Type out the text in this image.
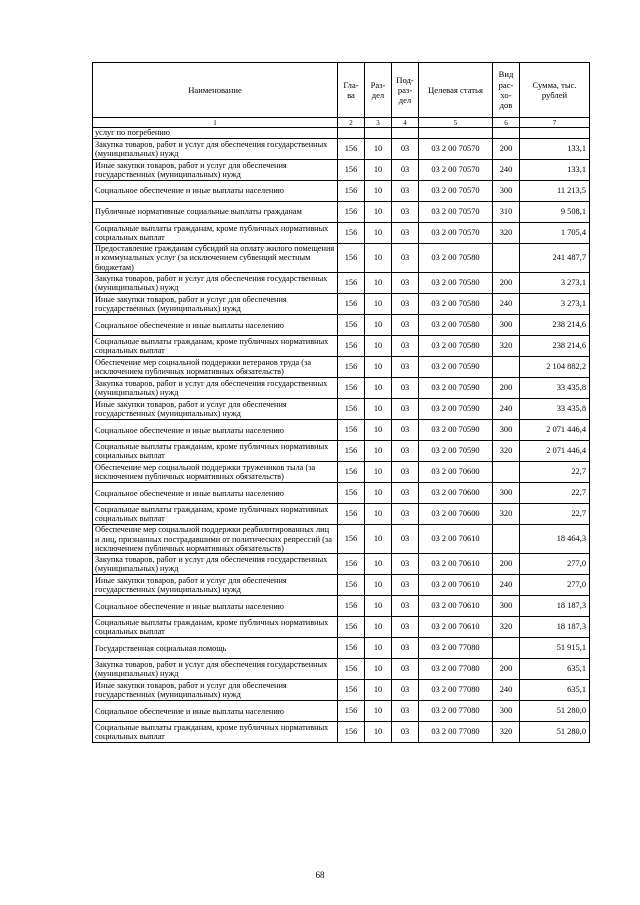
Наименование	Гла-ва	Раз-дел	Под-раз-дел	Целевая статья	Вид рас-хо-дов	Сумма, тыс. рублей
1	2	3	4	5	6	7
услуг по погребению						
Закупка товаров, работ и услуг для обеспечения государственных (муниципальных) нужд	156	10	03	03 2 00 70570	200	133,1
Иные закупки товаров, работ и услуг для обеспечения государственных (муниципальных) нужд	156	10	03	03 2 00 70570	240	133,1
Социальное обеспечение и иные выплаты населению	156	10	03	03 2 00 70570	300	11 213,5
Публичные нормативные социальные выплаты гражданам	156	10	03	03 2 00 70570	310	9 508,1
Социальные выплаты гражданам, кроме публичных нормативных социальных выплат	156	10	03	03 2 00 70570	320	1 705,4
Предоставление гражданам субсидий на оплату жилого помещения и коммунальных услуг (за исключением субвенций местным бюджетам)	156	10	03	03 2 00 70580		241 487,7
Закупка товаров, работ и услуг для обеспечения государственных (муниципальных) нужд	156	10	03	03 2 00 70580	200	3 273,1
Иные закупки товаров, работ и услуг для обеспечения государственных (муниципальных) нужд	156	10	03	03 2 00 70580	240	3 273,1
Социальное обеспечение и иные выплаты населению	156	10	03	03 2 00 70580	300	238 214,6
Социальные выплаты гражданам, кроме публичных нормативных социальных выплат	156	10	03	03 2 00 70580	320	238 214,6
Обеспечение мер социальной поддержки ветеранов труда (за исключением публичных нормативных обязательств)	156	10	03	03 2 00 70590		2 104 882,2
Закупка товаров, работ и услуг для обеспечения государственных (муниципальных) нужд	156	10	03	03 2 00 70590	200	33 435,8
Иные закупки товаров, работ и услуг для обеспечения государственных (муниципальных) нужд	156	10	03	03 2 00 70590	240	33 435,8
Социальное обеспечение и иные выплаты населению	156	10	03	03 2 00 70590	300	2 071 446,4
Социальные выплаты гражданам, кроме публичных нормативных социальных выплат	156	10	03	03 2 00 70590	320	2 071 446,4
Обеспечение мер социальной поддержки тружеников тыла (за исключением публичных нормативных обязательств)	156	10	03	03 2 00 70600		22,7
Социальное обеспечение и иные выплаты населению	156	10	03	03 2 00 70600	300	22,7
Социальные выплаты гражданам, кроме публичных нормативных социальных выплат	156	10	03	03 2 00 70600	320	22,7
Обеспечение мер социальной поддержки реабилитированных лиц и лиц, признанных пострадавшими от политических репрессий (за исключением публичных нормативных обязательств)	156	10	03	03 2 00 70610		18 464,3
Закупка товаров, работ и услуг для обеспечения государственных (муниципальных) нужд	156	10	03	03 2 00 70610	200	277,0
Иные закупки товаров, работ и услуг для обеспечения государственных (муниципальных) нужд	156	10	03	03 2 00 70610	240	277,0
Социальное обеспечение и иные выплаты населению	156	10	03	03 2 00 70610	300	18 187,3
Социальные выплаты гражданам, кроме публичных нормативных социальных выплат	156	10	03	03 2 00 70610	320	18 187,3
Государственная социальная помощь	156	10	03	03 2 00 77080		51 915,1
Закупка товаров, работ и услуг для обеспечения государственных (муниципальных) нужд	156	10	03	03 2 00 77080	200	635,1
Иные закупки товаров, работ и услуг для обеспечения государственных (муниципальных) нужд	156	10	03	03 2 00 77080	240	635,1
Социальное обеспечение и иные выплаты населению	156	10	03	03 2 00 77080	300	51 280,0
Социальные выплаты гражданам, кроме публичных нормативных социальных выплат	156	10	03	03 2 00 77080	320	51 280,0
68
